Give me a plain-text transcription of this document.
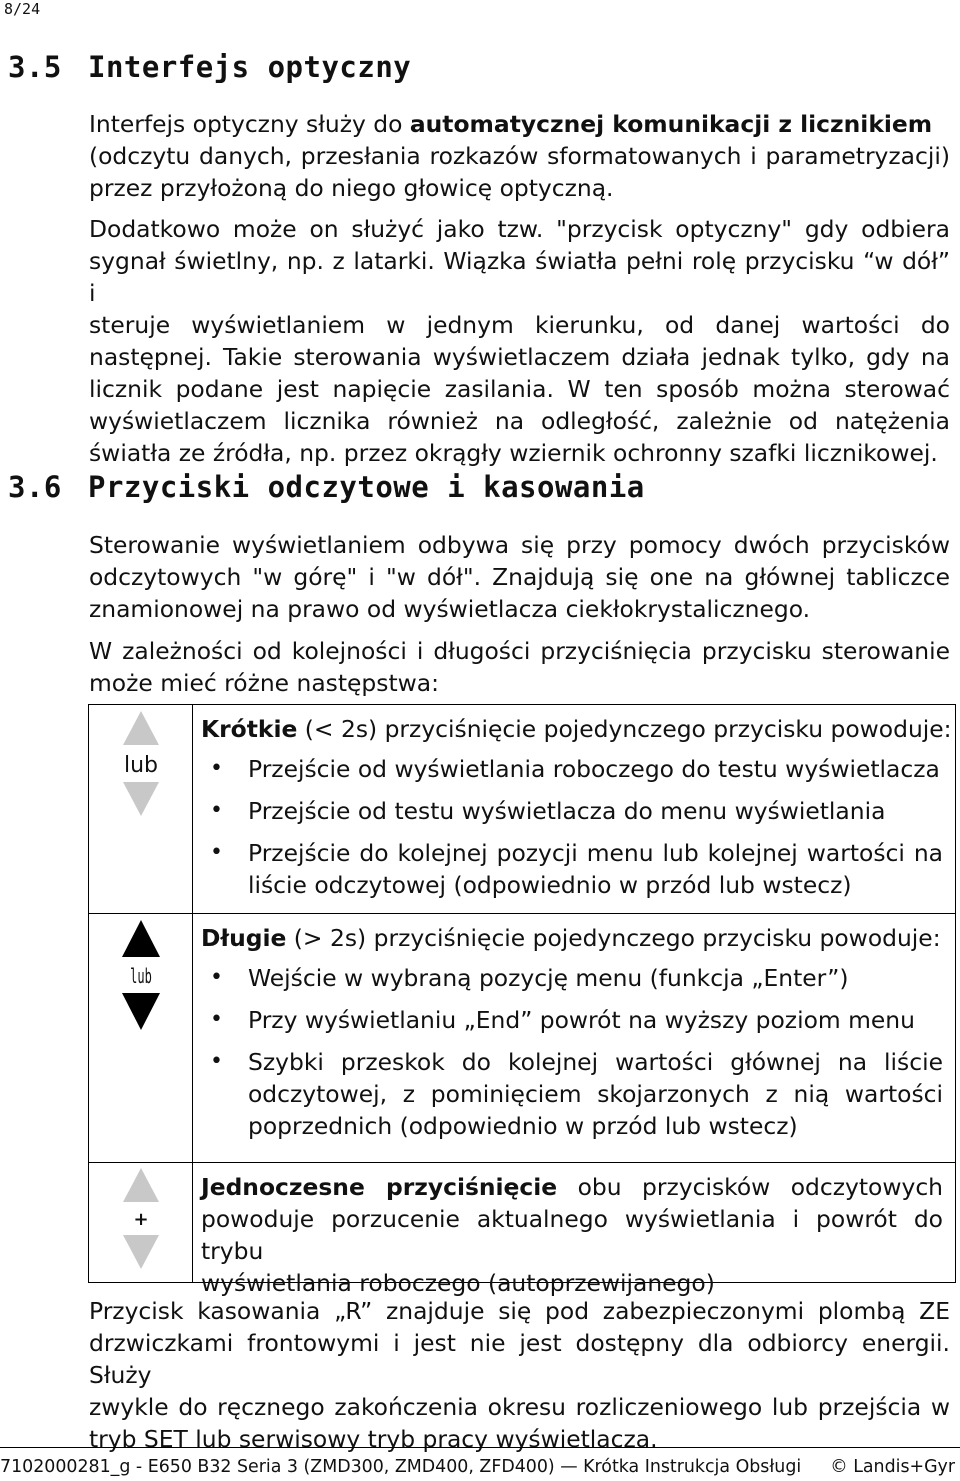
8/24
3.5 Interfejs optyczny
Interfejs optyczny służy do automatycznej komunikacji z licznikiem
(odczytu danych, przesłania rozkazów sformatowanych i parametryzacji)
przez przyłożoną do niego głowicę optyczną.
Dodatkowo może on służyć jako tzw. "przycisk optyczny" gdy odbiera
sygnał świetlny, np. z latarki. Wiązka światła pełni rolę przycisku “w dół” i
steruje wyświetlaniem w jednym kierunku, od danej wartości do
następnej. Takie sterowania wyświetlaczem działa jednak tylko, gdy na
licznik podane jest napięcie zasilania. W ten sposób można sterować
wyświetlaczem licznika również na odległość, zależnie od natężenia
światła ze źródła, np. przez okrągły wziernik ochronny szafki licznikowej.
3.6 Przyciski odczytowe i kasowania
Sterowanie wyświetlaniem odbywa się przy pomocy dwóch przycisków
odczytowych "w górę" i "w dół". Znajdują się one na głównej tabliczce
znamionowej na prawo od wyświetlacza ciekłokrystalicznego.
W zależności od kolejności i długości przyciśnięcia przycisku sterowanie
może mieć różne następstwa:
lub
Krótkie (< 2s) przyciśnięcie pojedynczego przycisku powoduje:
• Przejście od wyświetlania roboczego do testu wyświetlacza
• Przejście od testu wyświetlacza do menu wyświetlania
• Przejście do kolejnej pozycji menu lub kolejnej wartości na liście odczytowej (odpowiednio w przód lub wstecz)
lub
Długie (> 2s) przyciśnięcie pojedynczego przycisku powoduje:
• Wejście w wybraną pozycję menu (funkcja „Enter”)
• Przy wyświetlaniu „End” powrót na wyższy poziom menu
• Szybki przeskok do kolejnej wartości głównej na liście odczytowej, z pominięciem skojarzonych z nią wartości poprzednich (odpowiednio w przód lub wstecz)
+
Jednoczesne przyciśnięcie obu przycisków odczytowych
powoduje porzucenie aktualnego wyświetlania i powrót do trybu
wyświetlania roboczego (autoprzewijanego)
Przycisk kasowania „R” znajduje się pod zabezpieczonymi plombą ZE
drzwiczkami frontowymi i jest nie jest dostępny dla odbiorcy energii. Służy
zwykle do ręcznego zakończenia okresu rozliczeniowego lub przejścia w
tryb SET lub serwisowy tryb pracy wyświetlacza.
7102000281_g - E650 B32 Seria 3 (ZMD300, ZMD400, ZFD400) — Krótka Instrukcja Obsługi © Landis+Gyr
